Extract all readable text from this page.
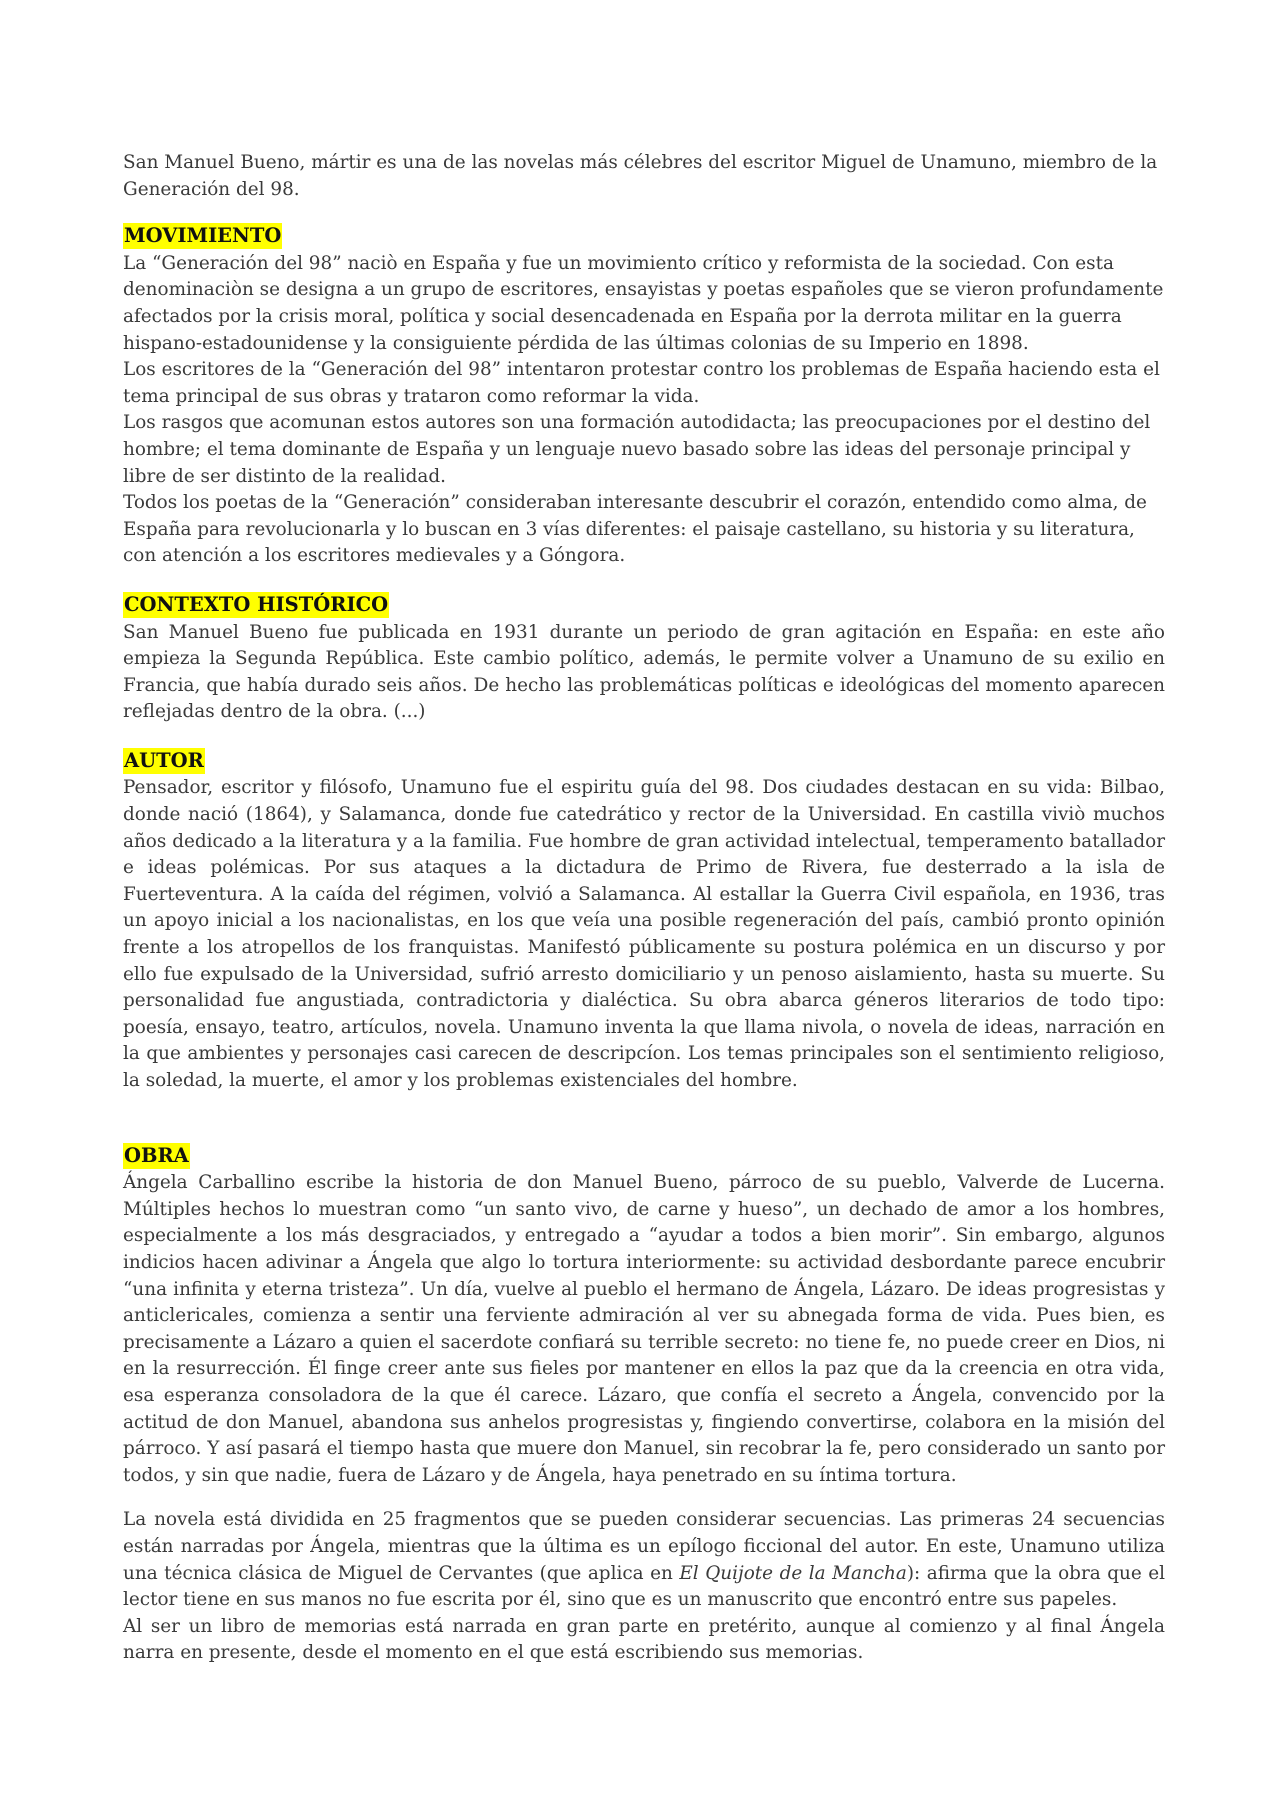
San Manuel Bueno, mártir es una de las novelas más célebres del escritor Miguel de Unamuno, miembro de la Generación del 98.

MOVIMIENTO

La “Generación del 98” naciò en España y fue un movimiento crítico y reformista de la sociedad. Con esta denominaciòn se designa a un grupo de escritores, ensayistas y poetas españoles que se vieron profundamente afectados por la crisis moral, política y social desencadenada en España por la derrota militar en la guerra hispano-estadounidense y la consiguiente pérdida de las últimas colonias de su Imperio en 1898.

Los escritores de la “Generación del 98” intentaron protestar contro los problemas de España haciendo esta el tema principal de sus obras y trataron como reformar la vida.

Los rasgos que acomunan estos autores son una formación autodidacta; las preocupaciones por el destino del hombre; el tema dominante de España y un lenguaje nuevo basado sobre las ideas del personaje principal y libre de ser distinto de la realidad.

Todos los poetas de la “Generación” consideraban interesante descubrir el corazón, entendido como alma, de España para revolucionarla y lo buscan en 3 vías diferentes: el paisaje castellano, su historia y su literatura, con atención a los escritores medievales y a Góngora.

CONTEXTO HISTÓRICO

San Manuel Bueno fue publicada en 1931 durante un periodo de gran agitación en España: en este año empieza la Segunda República. Este cambio político, además, le permite volver a Unamuno de su exilio en Francia, que había durado seis años. De hecho las problemáticas políticas e ideológicas del momento aparecen reflejadas dentro de la obra. (...)

AUTOR

Pensador, escritor y filósofo, Unamuno fue el espiritu guía del 98. Dos ciudades destacan en su vida: Bilbao, donde nació (1864), y Salamanca, donde fue catedrático y rector de la Universidad. En castilla viviò muchos años dedicado a la literatura y a la familia. Fue hombre de gran actividad intelectual, temperamento batallador e ideas polémicas. Por sus ataques a la dictadura de Primo de Rivera, fue desterrado a la isla de Fuerteventura. A la caída del régimen, volvió a Salamanca. Al estallar la Guerra Civil española, en 1936, tras un apoyo inicial a los nacionalistas, en los que veía una posible regeneración del país, cambió pronto opinión frente a los atropellos de los franquistas. Manifestó públicamente su postura polémica en un discurso y por ello fue expulsado de la Universidad, sufrió arresto domiciliario y un penoso aislamiento, hasta su muerte. Su personalidad fue angustiada, contradictoria y dialéctica. Su obra abarca géneros literarios de todo tipo: poesía, ensayo, teatro, artículos, novela. Unamuno inventa la que llama nivola, o novela de ideas, narración en la que ambientes y personajes casi carecen de descripcíon. Los temas principales son el sentimiento religioso, la soledad, la muerte, el amor y los problemas existenciales del hombre.

OBRA

Ángela Carballino escribe la historia de don Manuel Bueno, párroco de su pueblo, Valverde de Lucerna. Múltiples hechos lo muestran como “un santo vivo, de carne y hueso”, un dechado de amor a los hombres, especialmente a los más desgraciados, y entregado a “ayudar a todos a bien morir”. Sin embargo, algunos indicios hacen adivinar a Ángela que algo lo tortura interiormente: su actividad desbordante parece encubrir “una infinita y eterna tristeza”. Un día, vuelve al pueblo el hermano de Ángela, Lázaro. De ideas progresistas y anticlericales, comienza a sentir una ferviente admiración al ver su abnegada forma de vida. Pues bien, es precisamente a Lázaro a quien el sacerdote confiará su terrible secreto: no tiene fe, no puede creer en Dios, ni en la resurrección. Él finge creer ante sus fieles por mantener en ellos la paz que da la creencia en otra vida, esa esperanza consoladora de la que él carece. Lázaro, que confía el secreto a Ángela, convencido por la actitud de don Manuel, abandona sus anhelos progresistas y, fingiendo convertirse, colabora en la misión del párroco. Y así pasará el tiempo hasta que muere don Manuel, sin recobrar la fe, pero considerado un santo por todos, y sin que nadie, fuera de Lázaro y de Ángela, haya penetrado en su íntima tortura.

La novela está dividida en 25 fragmentos que se pueden considerar secuencias. Las primeras 24 secuencias están narradas por Ángela, mientras que la última es un epílogo ficcional del autor. En este, Unamuno utiliza una técnica clásica de Miguel de Cervantes (que aplica en El Quijote de la Mancha): afirma que la obra que el lector tiene en sus manos no fue escrita por él, sino que es un manuscrito que encontró entre sus papeles.

Al ser un libro de memorias está narrada en gran parte en pretérito, aunque al comienzo y al final Ángela narra en presente, desde el momento en el que está escribiendo sus memorias.
